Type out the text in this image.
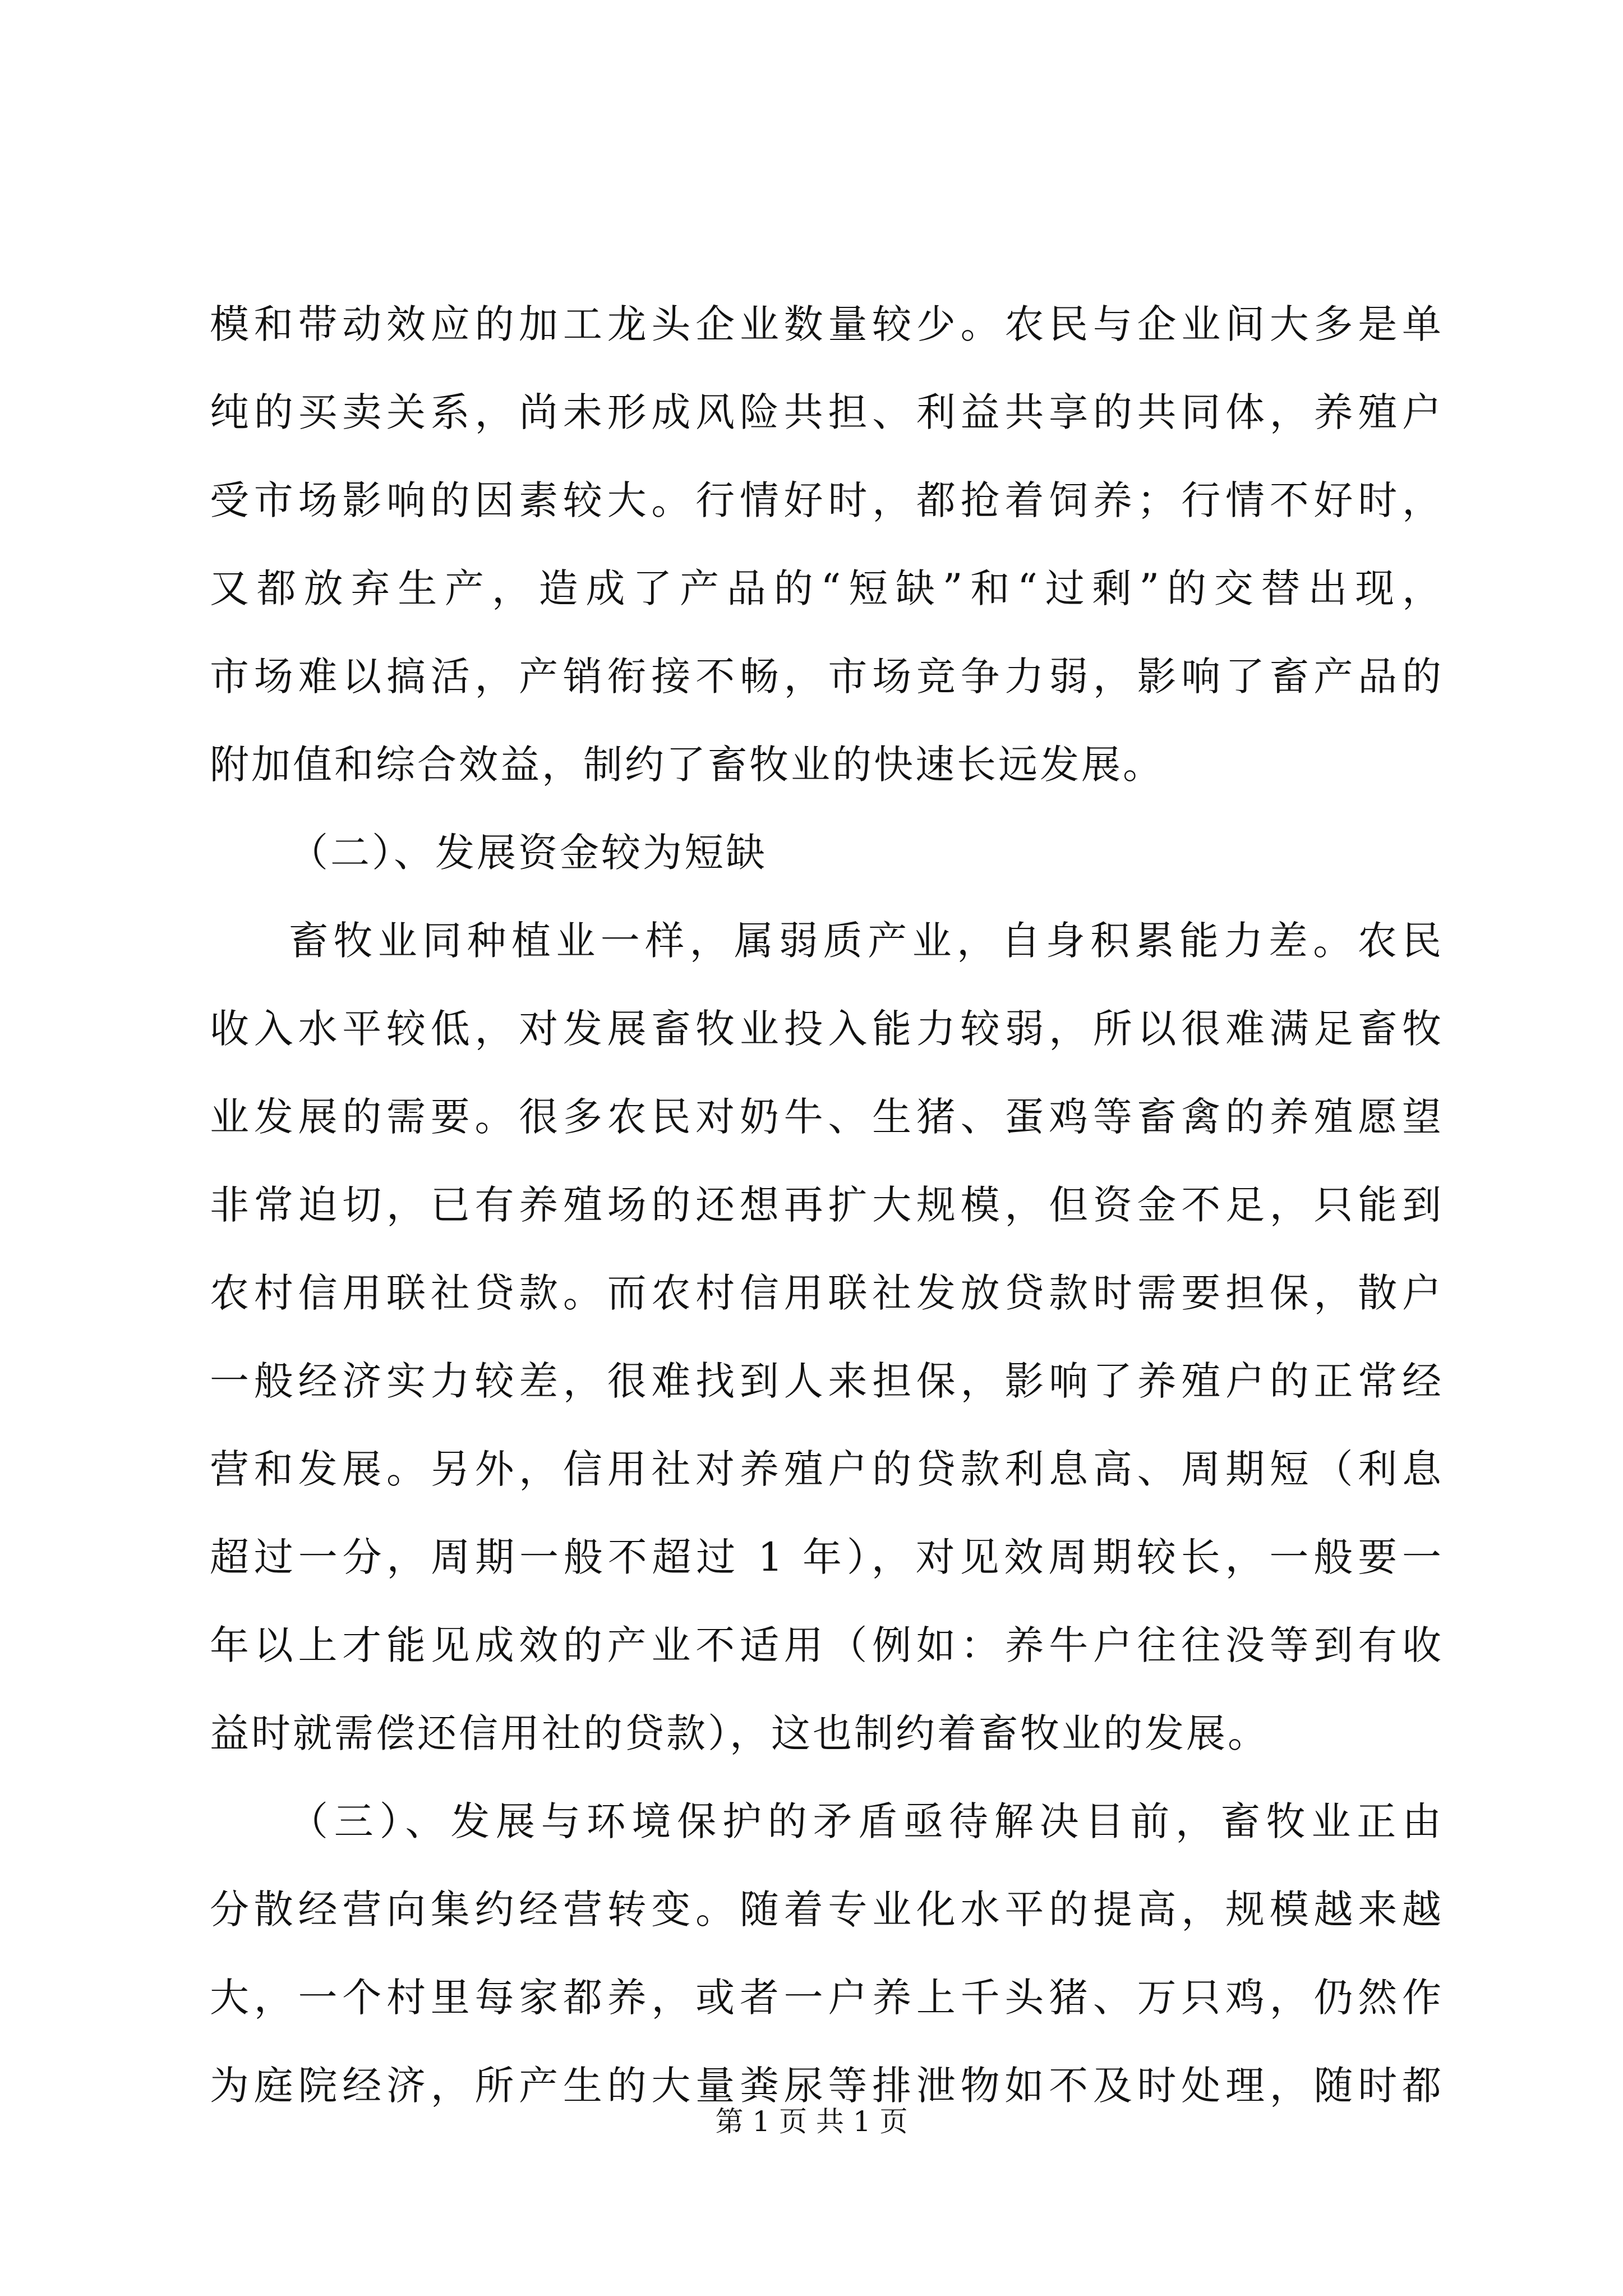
模和带动效应的加工龙头企业数量较少。农民与企业间大多是单
纯的买卖关系，尚未形成风险共担、利益共享的共同体，养殖户
受市场影响的因素较大。行情好时，都抢着饲养；行情不好时，
又都放弃生产，造成了产品的“短缺”和“过剩”的交替出现，
市场难以搞活，产销衔接不畅，市场竞争力弱，影响了畜产品的
附加值和综合效益，制约了畜牧业的快速长远发展。
（二）、发展资金较为短缺
畜牧业同种植业一样，属弱质产业，自身积累能力差。农民
收入水平较低，对发展畜牧业投入能力较弱，所以很难满足畜牧
业发展的需要。很多农民对奶牛、生猪、蛋鸡等畜禽的养殖愿望
非常迫切，已有养殖场的还想再扩大规模，但资金不足，只能到
农村信用联社贷款。而农村信用联社发放贷款时需要担保，散户
一般经济实力较差，很难找到人来担保，影响了养殖户的正常经
营和发展。另外，信用社对养殖户的贷款利息高、周期短（利息
超过一分，周期一般不超过 1 年），对见效周期较长，一般要一
年以上才能见成效的产业不适用（例如：养牛户往往没等到有收
益时就需偿还信用社的贷款），这也制约着畜牧业的发展。
（三）、发展与环境保护的矛盾亟待解决目前，畜牧业正由
分散经营向集约经营转变。随着专业化水平的提高，规模越来越
大，一个村里每家都养，或者一户养上千头猪、万只鸡，仍然作
为庭院经济，所产生的大量粪尿等排泄物如不及时处理，随时都
第 1 页 共 1 页
